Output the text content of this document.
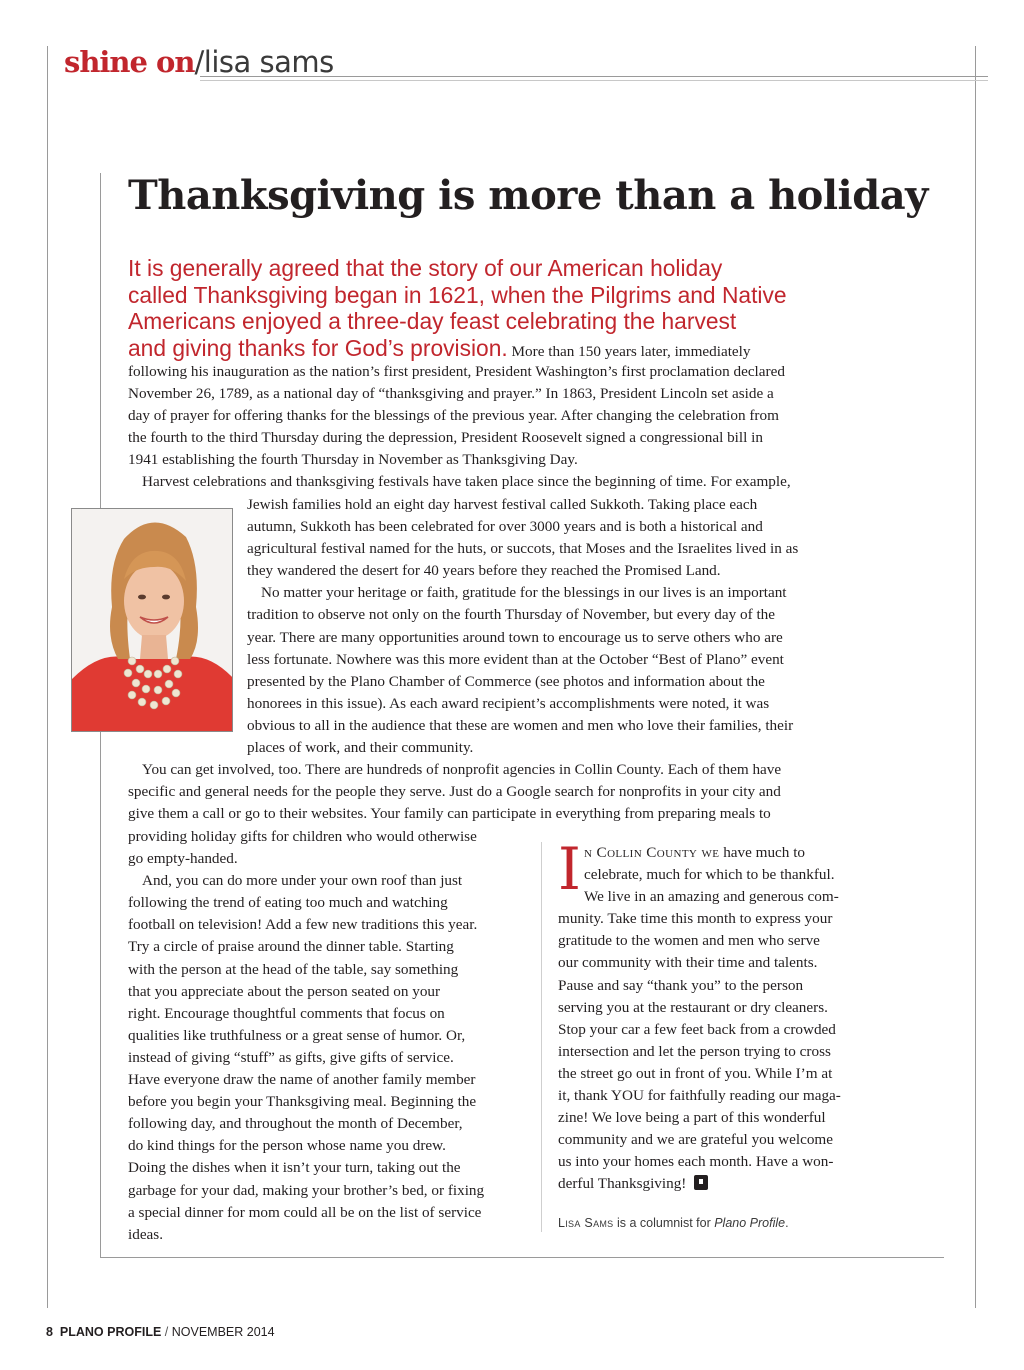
shine on/lisa sams
Thanksgiving is more than a holiday
It is generally agreed that the story of our American holiday
called Thanksgiving began in 1621, when the Pilgrims and Native
Americans enjoyed a three-day feast celebrating the harvest
and giving thanks for God’s provision. More than 150 years later, immediately
following his inauguration as the nation’s first president, President Washington’s first proclamation declared
November 26, 1789, as a national day of “thanksgiving and prayer.” In 1863, President Lincoln set aside a
day of prayer for offering thanks for the blessings of the previous year. After changing the celebration from
the fourth to the third Thursday during the depression, President Roosevelt signed a congressional bill in
1941 establishing the fourth Thursday in November as Thanksgiving Day.
Harvest celebrations and thanksgiving festivals have taken place since the beginning of time. For example,
Jewish families hold an eight day harvest festival called Sukkoth. Taking place each
autumn, Sukkoth has been celebrated for over 3000 years and is both a historical and
agricultural festival named for the huts, or succots, that Moses and the Israelites lived in as
they wandered the desert for 40 years before they reached the Promised Land.
No matter your heritage or faith, gratitude for the blessings in our lives is an important
tradition to observe not only on the fourth Thursday of November, but every day of the
year. There are many opportunities around town to encourage us to serve others who are
less fortunate. Nowhere was this more evident than at the October “Best of Plano” event
presented by the Plano Chamber of Commerce (see photos and information about the
honorees in this issue). As each award recipient’s accomplishments were noted, it was
obvious to all in the audience that these are women and men who love their families, their
places of work, and their community.
You can get involved, too. There are hundreds of nonprofit agencies in Collin County. Each of them have
specific and general needs for the people they serve. Just do a Google search for nonprofits in your city and
give them a call or go to their websites. Your family can participate in everything from preparing meals to
providing holiday gifts for children who would otherwise
go empty-handed.
And, you can do more under your own roof than just
following the trend of eating too much and watching
football on television! Add a few new traditions this year.
Try a circle of praise around the dinner table. Starting
with the person at the head of the table, say something
that you appreciate about the person seated on your
right. Encourage thoughtful comments that focus on
qualities like truthfulness or a great sense of humor. Or,
instead of giving “stuff” as gifts, give gifts of service.
Have everyone draw the name of another family member
before you begin your Thanksgiving meal. Beginning the
following day, and throughout the month of December,
do kind things for the person whose name you drew.
Doing the dishes when it isn’t your turn, taking out the
garbage for your dad, making your brother’s bed, or fixing
a special dinner for mom could all be on the list of service
ideas.
I n Collin County we have much to
celebrate, much for which to be thankful.
We live in an amazing and generous com-
munity. Take time this month to express your
gratitude to the women and men who serve
our community with their time and talents.
Pause and say “thank you” to the person
serving you at the restaurant or dry cleaners.
Stop your car a few feet back from a crowded
intersection and let the person trying to cross
the street go out in front of you. While I’m at
it, thank YOU for faithfully reading our maga-
zine! We love being a part of this wonderful
community and we are grateful you welcome
us into your homes each month. Have a won-
derful Thanksgiving!
Lisa Sams is a columnist for Plano Profile.
8 PLANO PROFILE / NOVEMBER 2014
